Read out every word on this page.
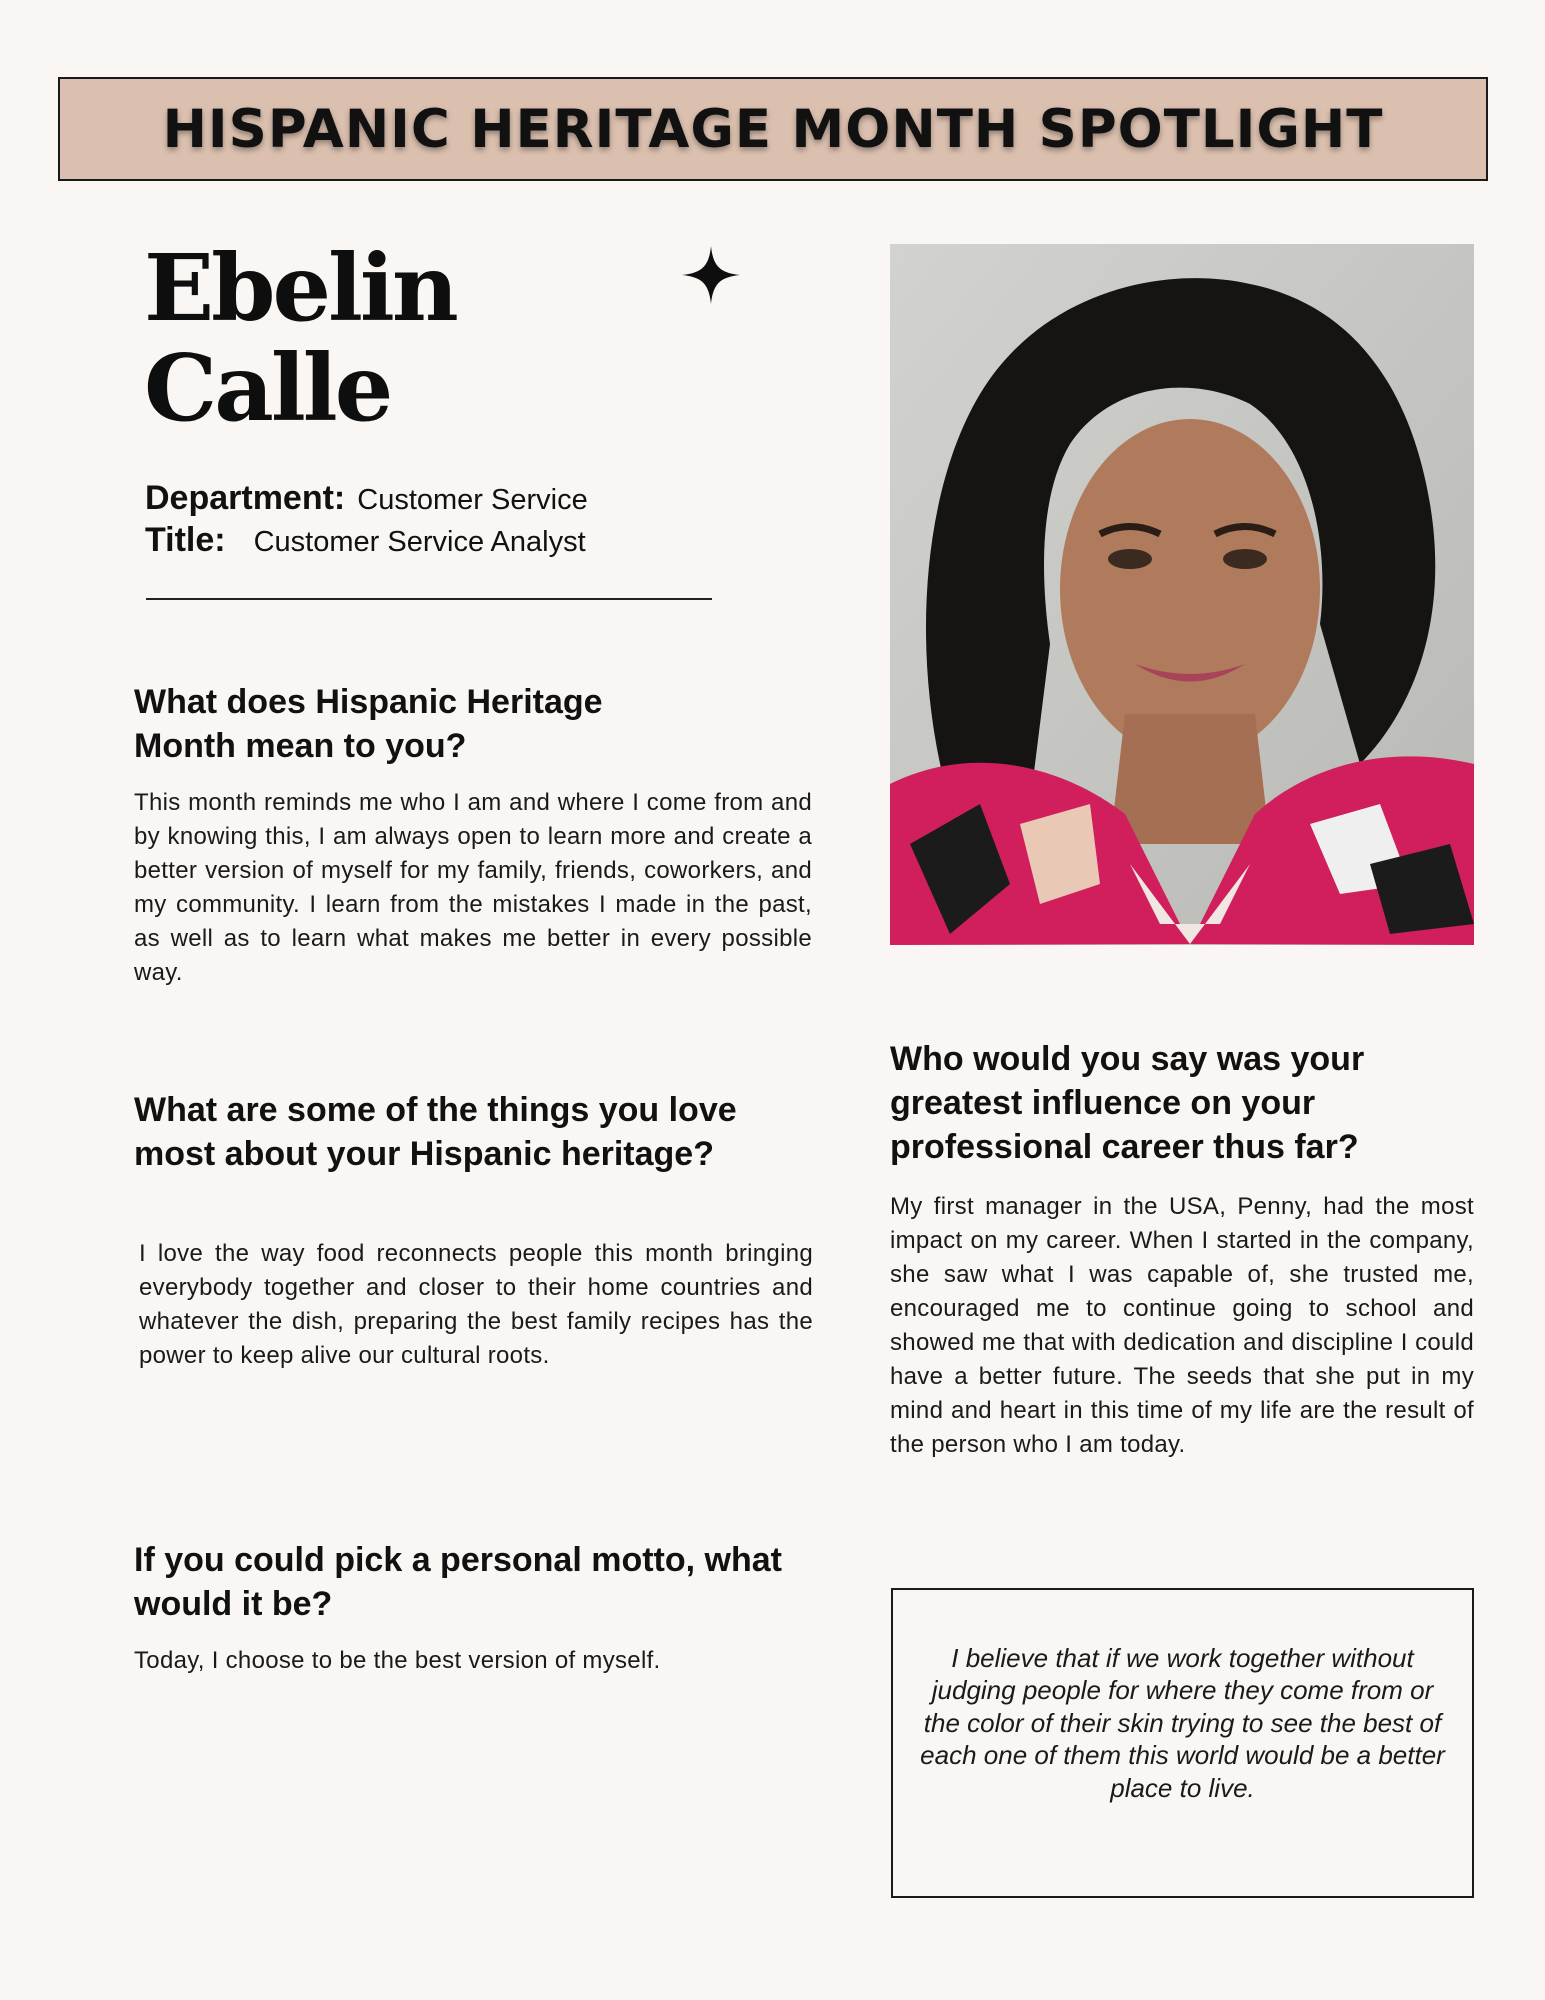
HISPANIC HERITAGE MONTH SPOTLIGHT
Ebelin
Calle
Department: Customer Service
Title: Customer Service Analyst
What does Hispanic Heritage Month mean to you?
This month reminds me who I am and where I come from and by knowing this, I am always open to learn more and create a better version of myself for my family, friends, coworkers, and my community. I learn from the mistakes I made in the past, as well as to learn what makes me better in every possible way.
What are some of the things you love most about your Hispanic heritage?
I love the way food reconnects people this month bringing everybody together and closer to their home countries and whatever the dish, preparing the best family recipes has the power to keep alive our cultural roots.
If you could pick a personal motto, what would it be?
Today, I choose to be the best version of myself.
Who would you say was your greatest influence on your professional career thus far?
My first manager in the USA, Penny, had the most impact on my career. When I started in the company, she saw what I was capable of, she trusted me, encouraged me to continue going to school and showed me that with dedication and discipline I could have a better future. The seeds that she put in my mind and heart in this time of my life are the result of the person who I am today.

I believe that if we work together without judging people for where they come from or the color of their skin trying to see the best of each one of them this world would be a better place to live.
